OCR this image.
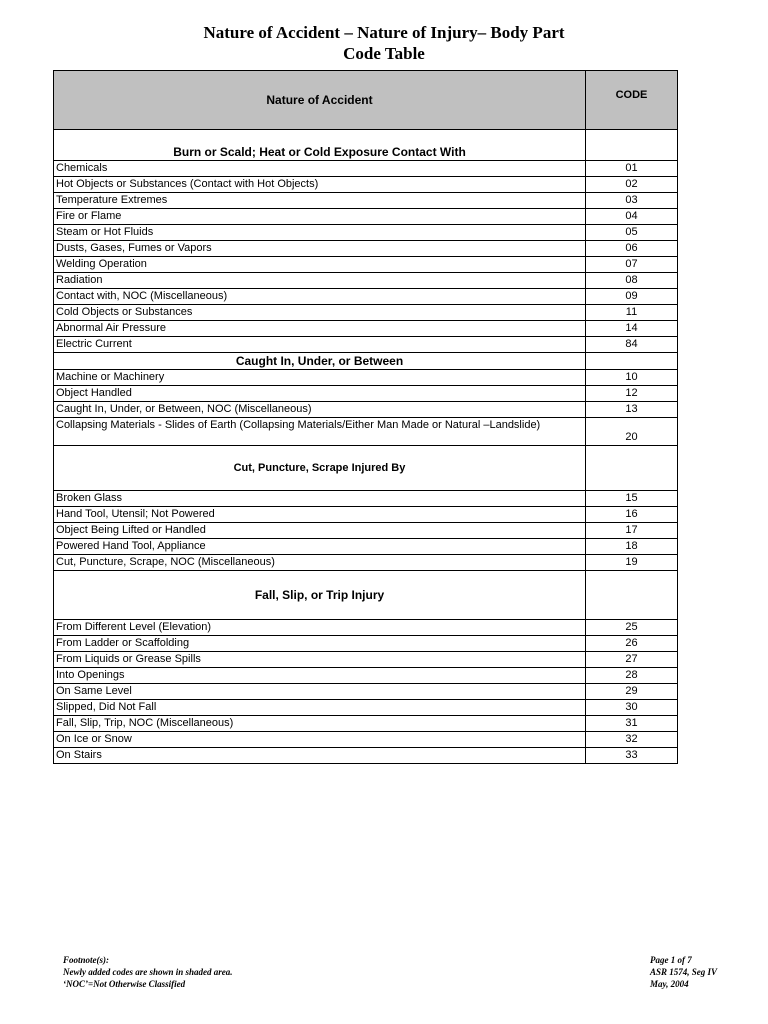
Nature of Accident – Nature of Injury– Body Part
Code Table
Nature of Accident	CODE
Burn or Scald; Heat or Cold Exposure Contact With	
Chemicals	01
Hot Objects or Substances (Contact with Hot Objects)	02
Temperature Extremes	03
Fire or Flame	04
Steam or Hot Fluids	05
Dusts, Gases, Fumes or Vapors	06
Welding Operation	07
Radiation	08
Contact with, NOC (Miscellaneous)	09
Cold Objects or Substances	11
Abnormal Air Pressure	14
Electric Current	84
Caught In, Under, or Between	
Machine or Machinery	10
Object Handled	12
Caught In, Under, or Between, NOC (Miscellaneous)	13
Collapsing Materials - Slides of Earth (Collapsing Materials/Either Man Made or Natural –Landslide)	20
Cut, Puncture, Scrape Injured By	
Broken Glass	15
Hand Tool, Utensil; Not Powered	16
Object Being Lifted or Handled	17
Powered Hand Tool, Appliance	18
Cut, Puncture, Scrape, NOC (Miscellaneous)	19
Fall, Slip, or Trip Injury	
From Different Level (Elevation)	25
From Ladder or Scaffolding	26
From Liquids or Grease Spills	27
Into Openings	28
On Same Level	29
Slipped, Did Not Fall	30
Fall, Slip, Trip, NOC (Miscellaneous)	31
On Ice or Snow	32
On Stairs	33
Footnote(s):
Newly added codes are shown in shaded area.
‘NOC’=Not Otherwise Classified
Page 1 of 7
ASR 1574, Seg IV
May, 2004
